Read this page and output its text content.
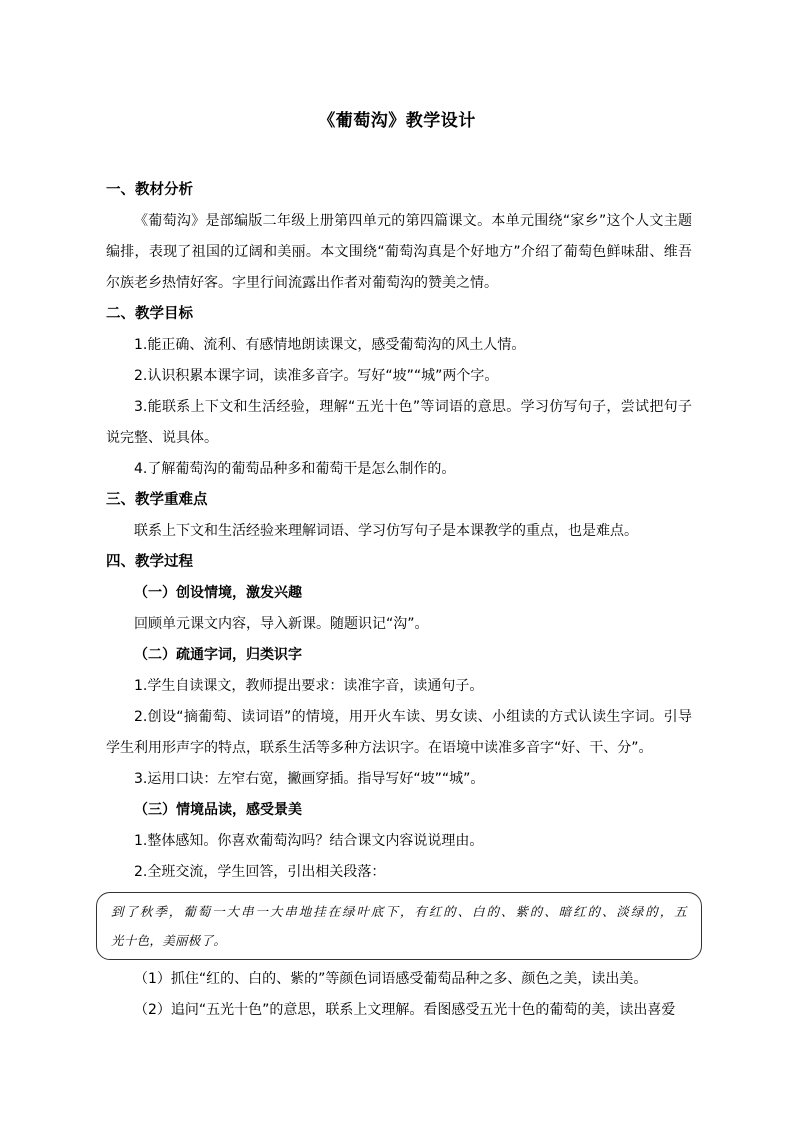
《葡萄沟》教学设计
一、教材分析
《葡萄沟》是部编版二年级上册第四单元的第四篇课文。本单元围绕“家乡”这个人文主题
编排，表现了祖国的辽阔和美丽。本文围绕“葡萄沟真是个好地方”介绍了葡萄色鲜味甜、维吾
尔族老乡热情好客。字里行间流露出作者对葡萄沟的赞美之情。
二、教学目标
1.能正确、流利、有感情地朗读课文，感受葡萄沟的风土人情。
2.认识积累本课字词，读准多音字。写好“坡”“城”两个字。
3.能联系上下文和生活经验，理解“五光十色”等词语的意思。学习仿写句子，尝试把句子
说完整、说具体。
4.了解葡萄沟的葡萄品种多和葡萄干是怎么制作的。
三、教学重难点
联系上下文和生活经验来理解词语、学习仿写句子是本课教学的重点，也是难点。
四、教学过程
（一）创设情境，激发兴趣
回顾单元课文内容，导入新课。随题识记“沟”。
（二）疏通字词，归类识字
1.学生自读课文，教师提出要求：读准字音，读通句子。
2.创设“摘葡萄、读词语”的情境，用开火车读、男女读、小组读的方式认读生字词。引导
学生利用形声字的特点，联系生活等多种方法识字。在语境中读准多音字“好、干、分”。
3.运用口诀：左窄右宽，撇画穿插。指导写好“坡”“城”。
（三）情境品读，感受景美
1.整体感知。你喜欢葡萄沟吗？结合课文内容说说理由。
2.全班交流，学生回答，引出相关段落：
到了秋季，葡萄一大串一大串地挂在绿叶底下，有红的、白的、紫的、暗红的、淡绿的，五
光十色，美丽极了。
（1）抓住“红的、白的、紫的”等颜色词语感受葡萄品种之多、颜色之美，读出美。
（2）追问“五光十色”的意思，联系上文理解。看图感受五光十色的葡萄的美，读出喜爱
